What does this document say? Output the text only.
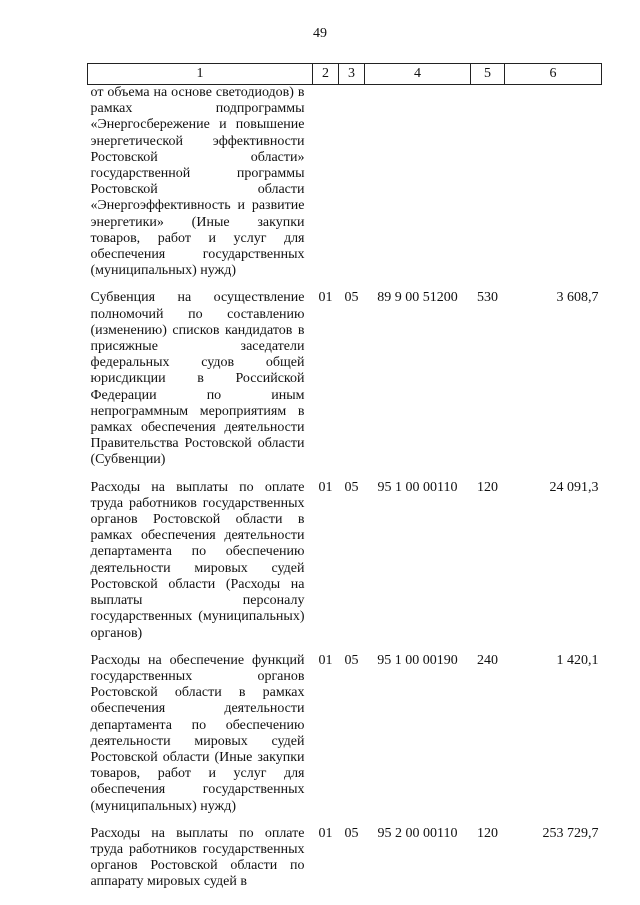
49
1	2	3	4	5	6
от объема на основе светодиодов) в рамках подпрограммы «Энергосбережение и повышение энергетической эффективности Ростовской области» государственной программы Ростовской области «Энергоэффективность и развитие энергетики» (Иные закупки товаров, работ и услуг для обеспечения государственных (муниципальных) нужд)					
Субвенция на осуществление полномочий по составлению (изменению) списков кандидатов в присяжные заседатели федеральных судов общей юрисдикции в Российской Федерации по иным непрограммным мероприятиям в рамках обеспечения деятельности Правительства Ростовской области (Субвенции)	01	05	89 9 00 51200	530	3 608,7
Расходы на выплаты по оплате труда работников государственных органов Ростовской области в рамках обеспечения деятельности департамента по обеспечению деятельности мировых судей Ростовской области (Расходы на выплаты персоналу государственных (муниципальных) органов)	01	05	95 1 00 00110	120	24 091,3
Расходы на обеспечение функций государственных органов Ростовской области в рамках обеспечения деятельности департамента по обеспечению деятельности мировых судей Ростовской области (Иные закупки товаров, работ и услуг для обеспечения государственных (муниципальных) нужд)	01	05	95 1 00 00190	240	1 420,1
Расходы на выплаты по оплате труда работников государственных органов Ростовской области по аппарату мировых судей в	01	05	95 2 00 00110	120	253 729,7
